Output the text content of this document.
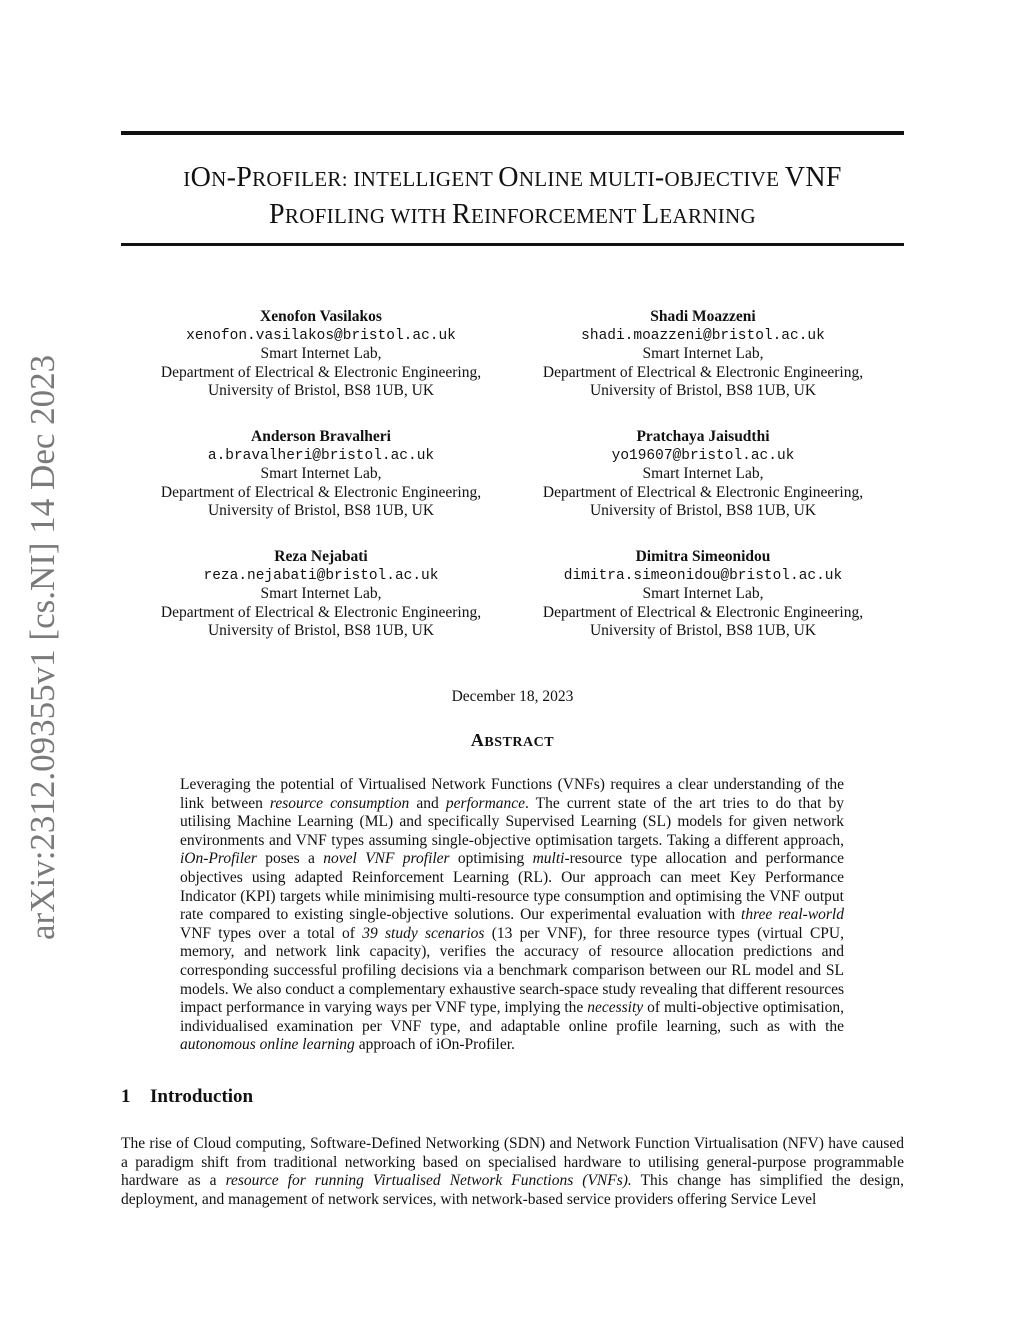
ION-PROFILER: INTELLIGENT ONLINE MULTI-OBJECTIVE VNF
PROFILING WITH REINFORCEMENT LEARNING
arXiv:2312.09355v1 [cs.NI] 14 Dec 2023
Xenofon Vasilakos
xenofon.vasilakos@bristol.ac.uk
Smart Internet Lab,
Department of Electrical & Electronic Engineering,
University of Bristol, BS8 1UB, UK
Shadi Moazzeni
shadi.moazzeni@bristol.ac.uk
Smart Internet Lab,
Department of Electrical & Electronic Engineering,
University of Bristol, BS8 1UB, UK
Anderson Bravalheri
a.bravalheri@bristol.ac.uk
Smart Internet Lab,
Department of Electrical & Electronic Engineering,
University of Bristol, BS8 1UB, UK
Pratchaya Jaisudthi
yo19607@bristol.ac.uk
Smart Internet Lab,
Department of Electrical & Electronic Engineering,
University of Bristol, BS8 1UB, UK
Reza Nejabati
reza.nejabati@bristol.ac.uk
Smart Internet Lab,
Department of Electrical & Electronic Engineering,
University of Bristol, BS8 1UB, UK
Dimitra Simeonidou
dimitra.simeonidou@bristol.ac.uk
Smart Internet Lab,
Department of Electrical & Electronic Engineering,
University of Bristol, BS8 1UB, UK
December 18, 2023
ABSTRACT
Leveraging the potential of Virtualised Network Functions (VNFs) requires a clear understanding of the link between resource consumption and performance. The current state of the art tries to do that by utilising Machine Learning (ML) and specifically Supervised Learning (SL) models for given network environments and VNF types assuming single-objective optimisation targets. Taking a different approach, iOn-Profiler poses a novel VNF profiler optimising multi-resource type allocation and performance objectives using adapted Reinforcement Learning (RL). Our approach can meet Key Performance Indicator (KPI) targets while minimising multi-resource type consumption and optimising the VNF output rate compared to existing single-objective solutions. Our experimental evaluation with three real-world VNF types over a total of 39 study scenarios (13 per VNF), for three resource types (virtual CPU, memory, and network link capacity), verifies the accuracy of resource allocation predictions and corresponding successful profiling decisions via a benchmark comparison between our RL model and SL models. We also conduct a complementary exhaustive search-space study revealing that different resources impact performance in varying ways per VNF type, implying the necessity of multi-objective optimisation, individualised examination per VNF type, and adaptable online profile learning, such as with the autonomous online learning approach of iOn-Profiler.
1 Introduction
The rise of Cloud computing, Software-Defined Networking (SDN) and Network Function Virtualisation (NFV) have caused a paradigm shift from traditional networking based on specialised hardware to utilising general-purpose programmable hardware as a resource for running Virtualised Network Functions (VNFs). This change has simplified the design, deployment, and management of network services, with network-based service providers offering Service Level
